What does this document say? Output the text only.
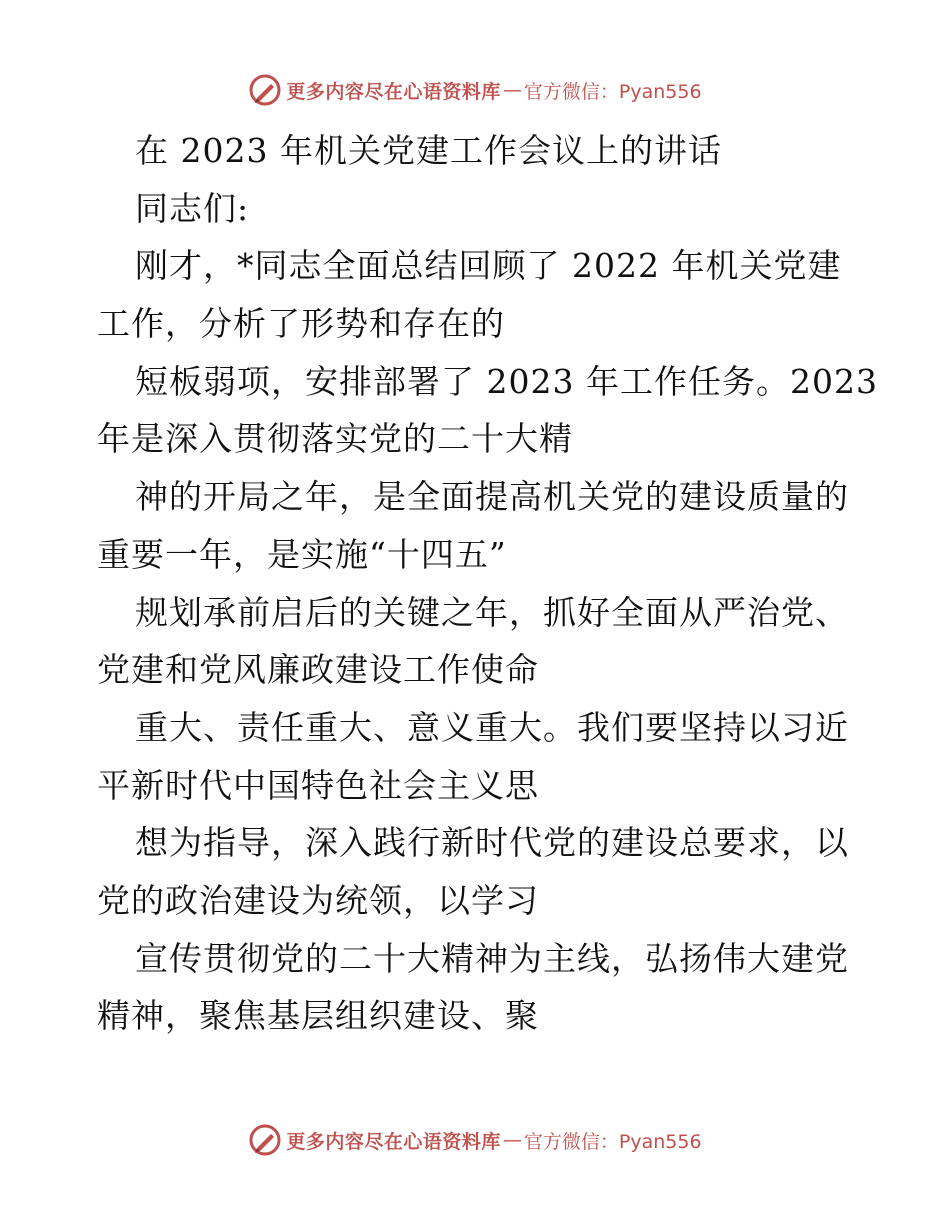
更多内容尽在心语资料库 — 官方微信：Pyan556
在 2023 年机关党建工作会议上的讲话
同志们:
刚才，*同志全面总结回顾了 2022 年机关党建
工作，分析了形势和存在的
短板弱项，安排部署了 2023 年工作任务。2023
年是深入贯彻落实党的二十大精
神的开局之年，是全面提高机关党的建设质量的
重要一年，是实施“十四五”
规划承前启后的关键之年，抓好全面从严治党、
党建和党风廉政建设工作使命
重大、责任重大、意义重大。我们要坚持以习近
平新时代中国特色社会主义思
想为指导，深入践行新时代党的建设总要求，以
党的政治建设为统领，以学习
宣传贯彻党的二十大精神为主线，弘扬伟大建党
精神，聚焦基层组织建设、聚
更多内容尽在心语资料库 — 官方微信：Pyan556
